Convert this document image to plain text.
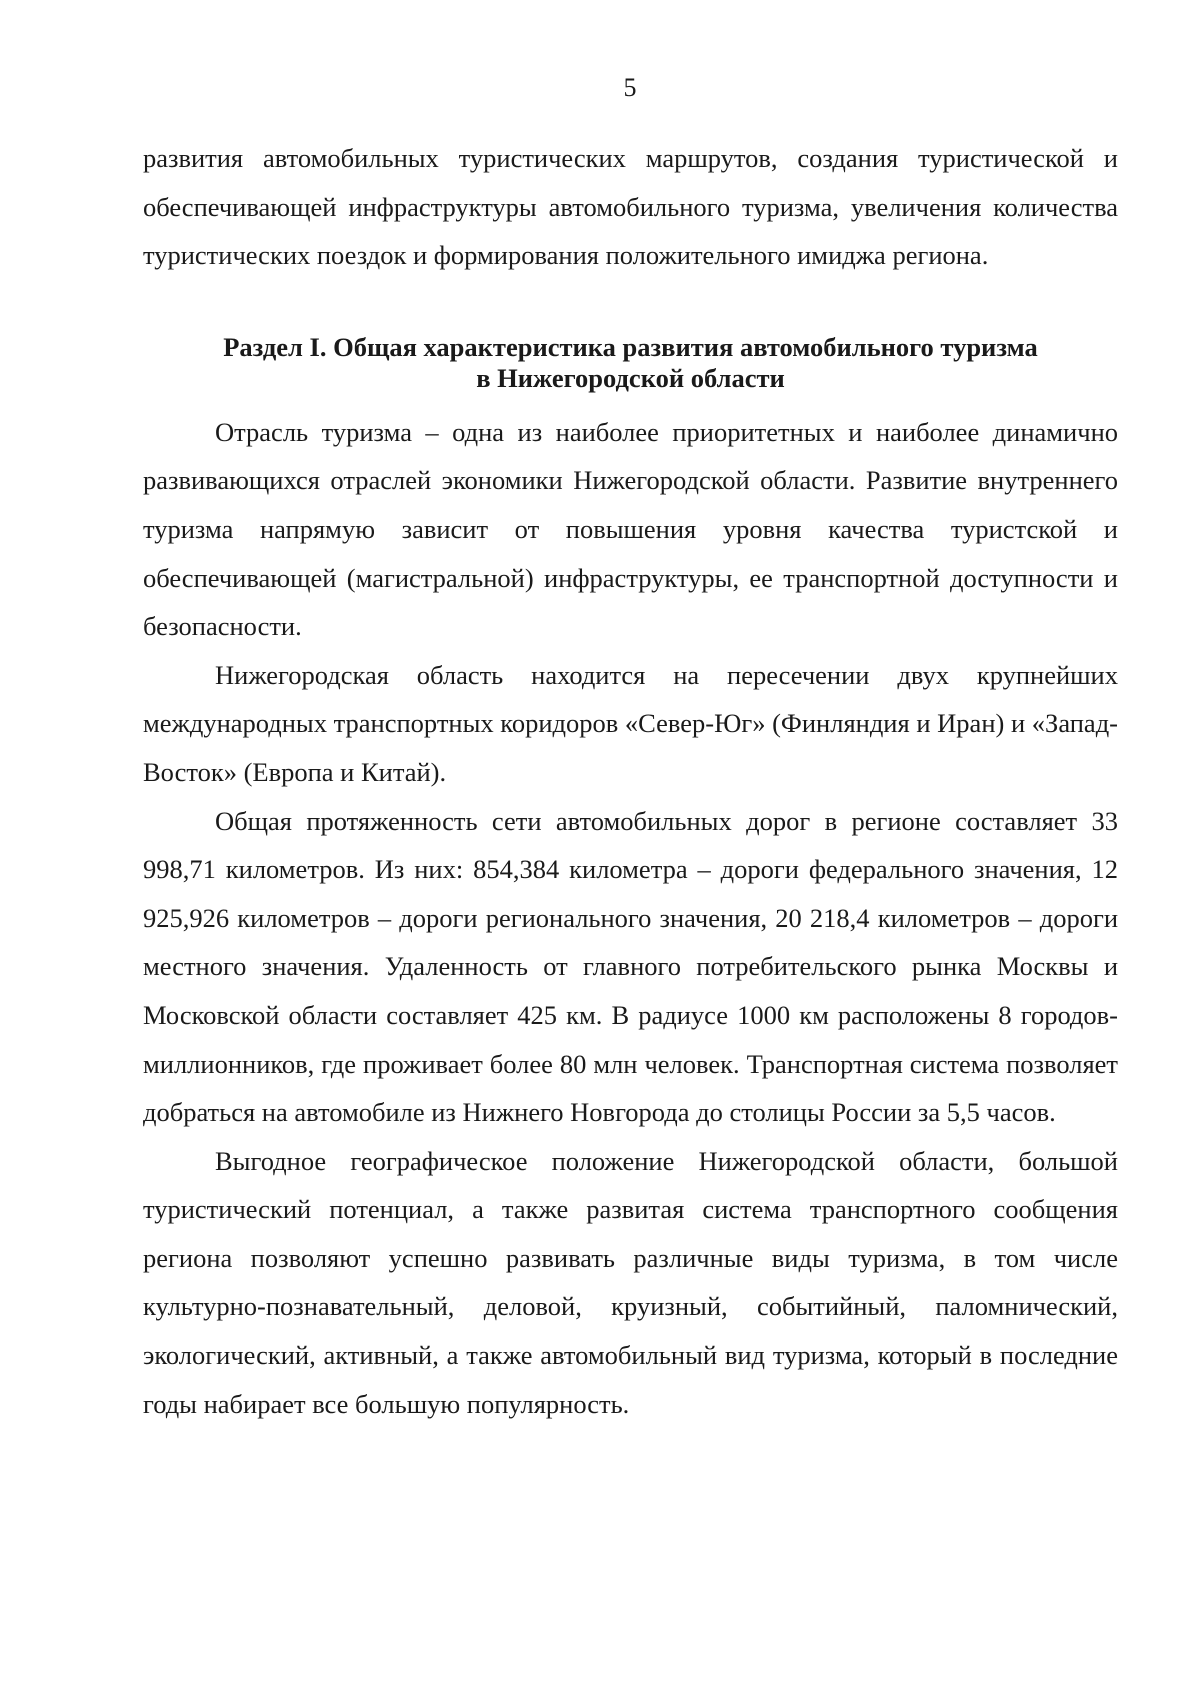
5

развития автомобильных туристических маршрутов, создания туристической и обеспечивающей инфраструктуры автомобильного туризма, увеличения количества туристических поездок и формирования положительного имиджа региона.

Раздел I. Общая характеристика развития автомобильного туризма
в Нижегородской области

Отрасль туризма – одна из наиболее приоритетных и наиболее динамично развивающихся отраслей экономики Нижегородской области. Развитие внутреннего туризма напрямую зависит от повышения уровня качества туристской и обеспечивающей (магистральной) инфраструктуры, ее транспортной доступности и безопасности.

Нижегородская область находится на пересечении двух крупнейших международных транспортных коридоров «Север-Юг» (Финляндия и Иран) и «Запад-Восток» (Европа и Китай).

Общая протяженность сети автомобильных дорог в регионе составляет 33 998,71 километров. Из них: 854,384 километра – дороги федерального значения, 12 925,926 километров – дороги регионального значения, 20 218,4 километров – дороги местного значения. Удаленность от главного потребительского рынка Москвы и Московской области составляет 425 км. В радиусе 1000 км расположены 8 городов-миллионников, где проживает более 80 млн человек. Транспортная система позволяет добраться на автомобиле из Нижнего Новгорода до столицы России за 5,5 часов.

Выгодное географическое положение Нижегородской области, большой туристический потенциал, а также развитая система транспортного сообщения региона позволяют успешно развивать различные виды туризма, в том числе культурно-познавательный, деловой, круизный, событийный, паломнический, экологический, активный, а также автомобильный вид туризма, который в последние годы набирает все большую популярность.
